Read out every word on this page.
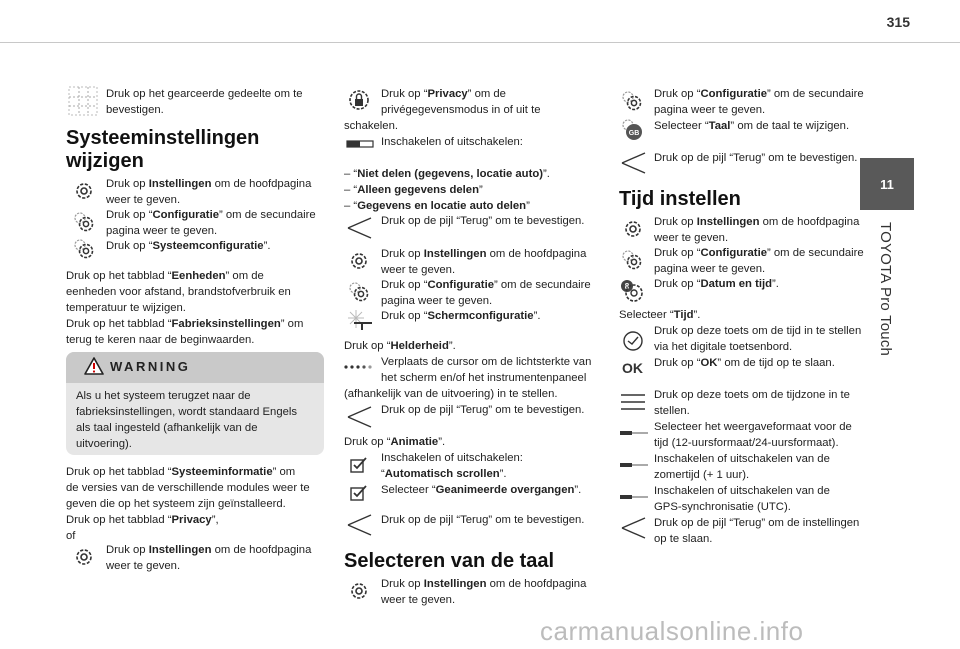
315
11
TOYOTA Pro Touch
Druk op het gearceerde gedeelte om te
bevestigen.
Systeeminstellingen
wijzigen
Druk op Instellingen om de hoofdpagina
weer te geven.
Druk op “Configuratie” om de secundaire
pagina weer te geven.
Druk op “Systeemconfiguratie”.
Druk op het tabblad “Eenheden” om de
eenheden voor afstand, brandstofverbruik en
temperatuur te wijzigen.
Druk op het tabblad “Fabrieksinstellingen” om
terug te keren naar de beginwaarden.
WARNING
Als u het systeem terugzet naar de
fabrieksinstellingen, wordt standaard Engels
als taal ingesteld (afhankelijk van de
uitvoering).
Druk op het tabblad “Systeeminformatie” om
de versies van de verschillende modules weer te
geven die op het systeem zijn geïnstalleerd.
Druk op het tabblad “Privacy”,
of
Druk op Instellingen om de hoofdpagina
weer te geven.
Druk op “Privacy” om de
privégegevensmodus in of uit te
schakelen.
Inschakelen of uitschakelen:
– “Niet delen (gegevens, locatie auto)”.
– “Alleen gegevens delen”
– “Gegevens en locatie auto delen”
Druk op de pijl “Terug” om te bevestigen.
Druk op Instellingen om de hoofdpagina
weer te geven.
Druk op “Configuratie” om de secundaire
pagina weer te geven.
Druk op “Schermconfiguratie”.
Druk op “Helderheid”.
Verplaats de cursor om de lichtsterkte van
het scherm en/of het instrumentenpaneel
(afhankelijk van de uitvoering) in te stellen.
Druk op de pijl “Terug” om te bevestigen.
Druk op “Animatie”.
Inschakelen of uitschakelen:
“Automatisch scrollen”.
Selecteer “Geanimeerde overgangen”.
Druk op de pijl “Terug” om te bevestigen.
Selecteren van de taal
Druk op Instellingen om de hoofdpagina
weer te geven.
Druk op “Configuratie” om de secundaire
pagina weer te geven.
GB
Selecteer “Taal” om de taal te wijzigen.
Druk op de pijl “Terug” om te bevestigen.
Tijd instellen
Druk op Instellingen om de hoofdpagina
weer te geven.
Druk op “Configuratie” om de secundaire
pagina weer te geven.
8 Druk op “Datum en tijd”.
Selecteer “Tijd”.
Druk op deze toets om de tijd in te stellen
via het digitale toetsenbord.
OK Druk op “OK” om de tijd op te slaan.
Druk op deze toets om de tijdzone in te
stellen.
Selecteer het weergaveformaat voor de
tijd (12-uursformaat/24-uursformaat).
Inschakelen of uitschakelen van de
zomertijd (+ 1 uur).
Inschakelen of uitschakelen van de
GPS-synchronisatie (UTC).
Druk op de pijl “Terug” om de instellingen
op te slaan.
carmanualsonline.info
